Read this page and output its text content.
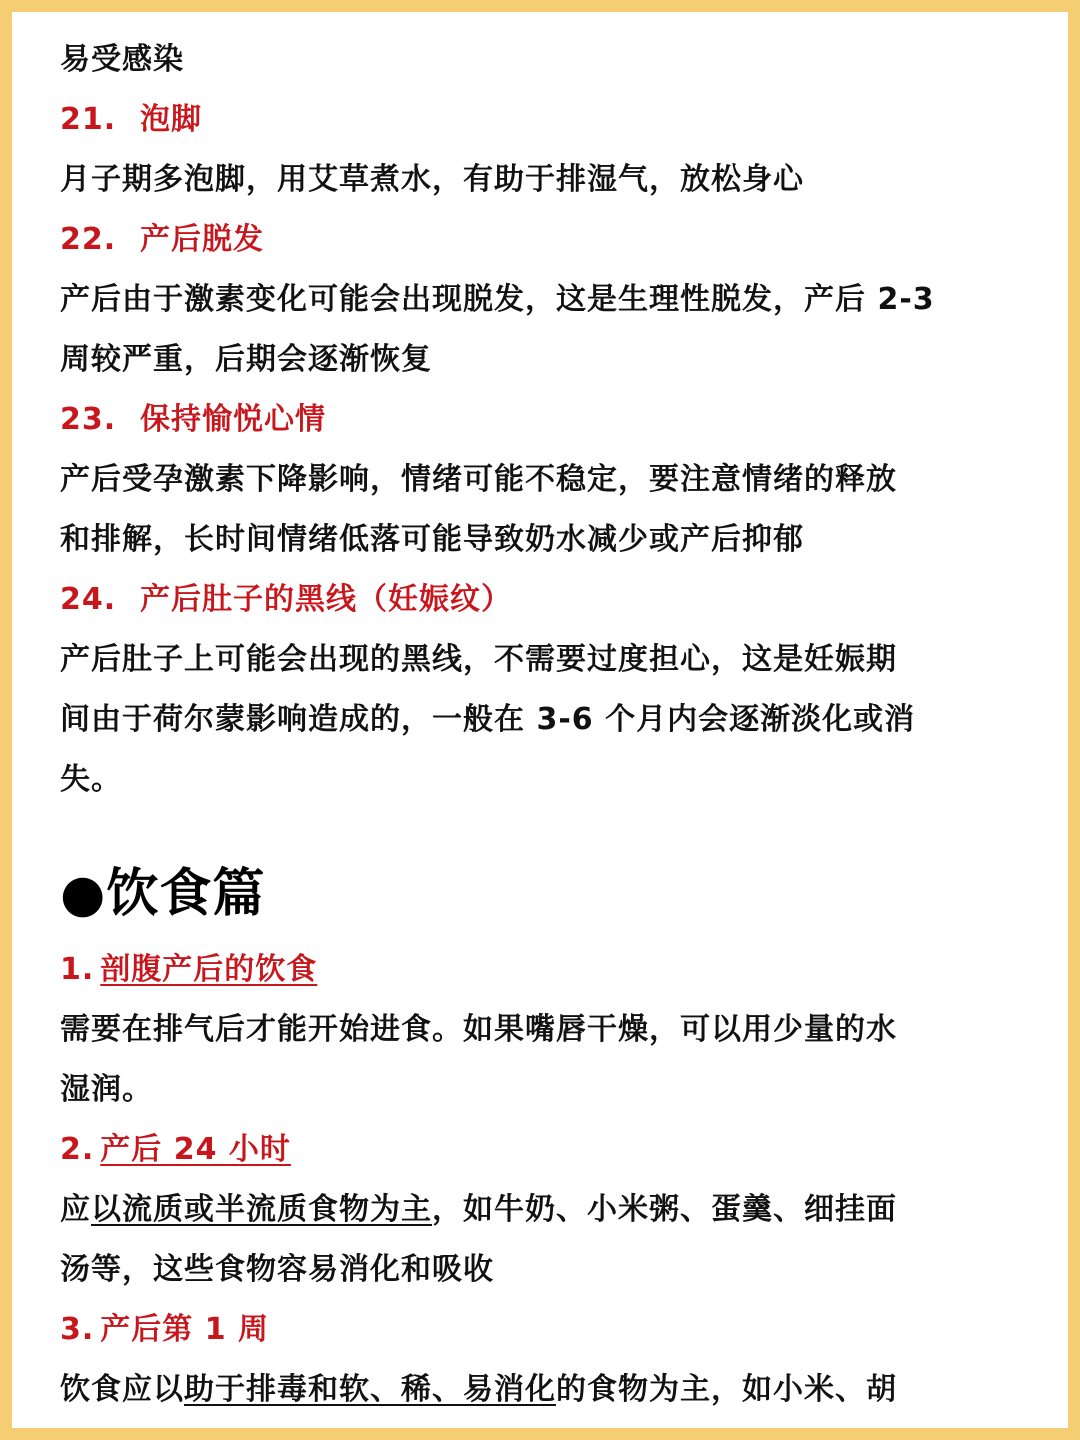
易受感染
21. 泡脚
月子期多泡脚，用艾草煮水，有助于排湿气，放松身心
22. 产后脱发
产后由于激素变化可能会出现脱发，这是生理性脱发，产后 2-3
周较严重，后期会逐渐恢复
23. 保持愉悦心情
产后受孕激素下降影响，情绪可能不稳定，要注意情绪的释放
和排解，长时间情绪低落可能导致奶水减少或产后抑郁
24. 产后肚子的黑线（妊娠纹）
产后肚子上可能会出现的黑线，不需要过度担心，这是妊娠期
间由于荷尔蒙影响造成的，一般在 3-6 个月内会逐渐淡化或消
失。
●饮食篇
1. 剖腹产后的饮食
需要在排气后才能开始进食。如果嘴唇干燥，可以用少量的水
湿润。
2. 产后 24 小时
应以流质或半流质食物为主，如牛奶、小米粥、蛋羹、细挂面
汤等，这些食物容易消化和吸收
3. 产后第 1 周
饮食应以助于排毒和软、稀、易消化的食物为主，如小米、胡
